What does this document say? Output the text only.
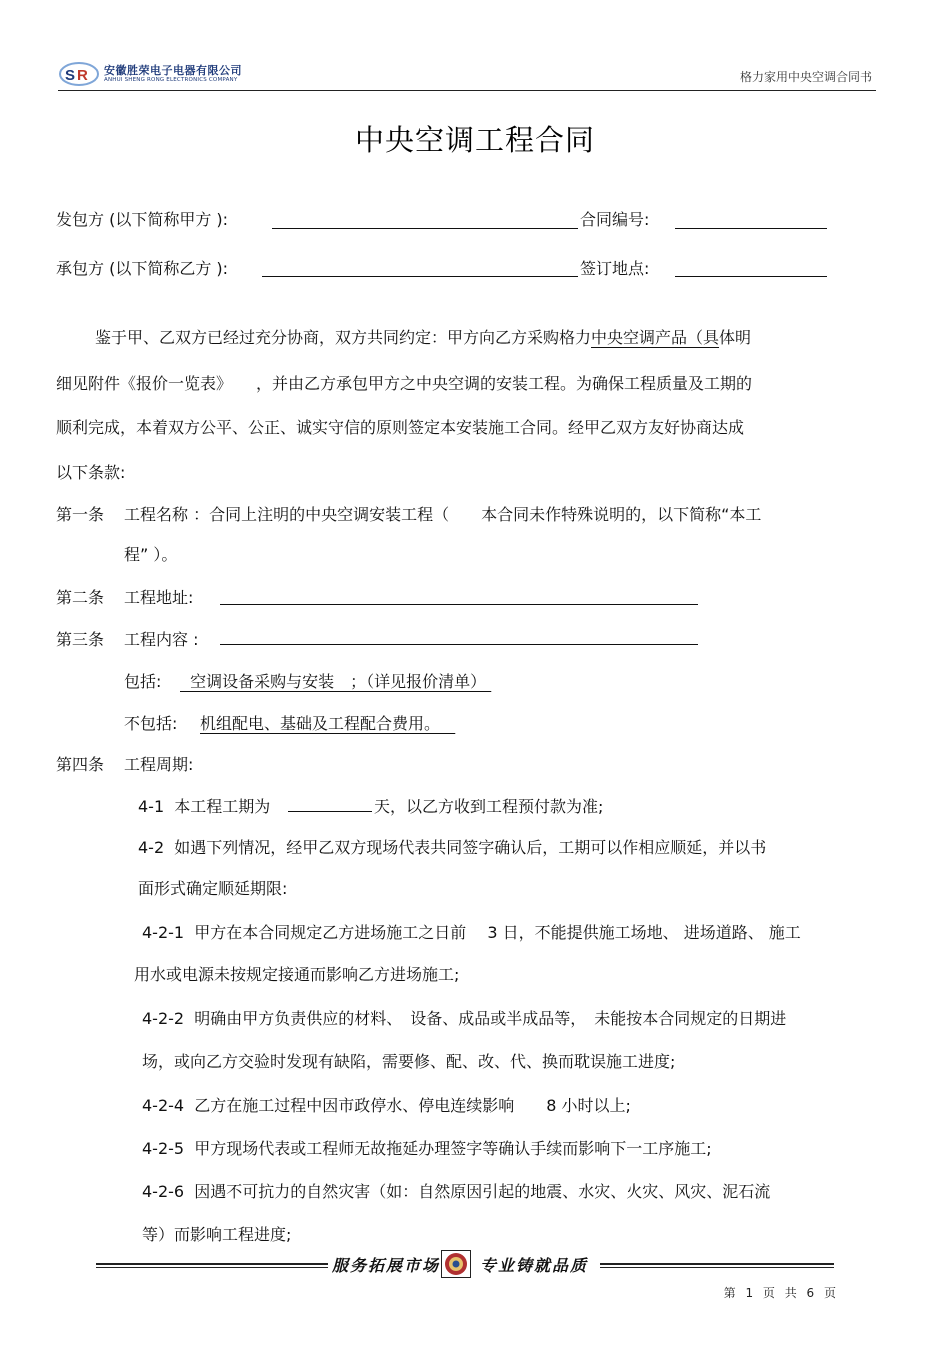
S R 安徽胜荣电子电器有限公司
ANHUI SHENG RONG ELECTRONICS COMPANY	格力家用中央空调合同书
中央空调工程合同
发包方 (以下简称甲方 ):	合同编号:
承包方 (以下简称乙方 ):	签订地点:
鉴于甲、乙双方已经过充分协商，双方共同约定：甲方向乙方采购格力中央空调产品（具体明
细见附件《报价一览表》　　，并由乙方承包甲方之中央空调的安装工程。为确保工程质量及工期的
顺利完成，本着双方公平、公正、诚实守信的原则签定本安装施工合同。经甲乙双方友好协商达成
以下条款:
第一条 工程名称 ：合同上注明的中央空调安装工程（　　本合同未作特殊说明的，以下简称“本工
程” ）。
第二条 工程地址:
第三条 工程内容 :
包括: 空调设备采购与安装　；（详见报价清单）
不包括: 机组配电、基础及工程配合费用。
第四条 工程周期:
4-1  本工程工期为	天，以乙方收到工程预付款为准;
4-2  如遇下列情况，经甲乙双方现场代表共同签字确认后，工期可以作相应顺延，并以书
面形式确定顺延期限:
4-2-1  甲方在本合同规定乙方进场施工之日前　 3 日，不能提供施工场地、 进场道路、 施工
用水或电源未按规定接通而影响乙方进场施工;
4-2-2  明确由甲方负责供应的材料、　设备、成品或半成品等，　未能按本合同规定的日期进
场，或向乙方交验时发现有缺陷，需要修、配、改、代、换而耽误施工进度;
4-2-4  乙方在施工过程中因市政停水、停电连续影响　　8 小时以上;
4-2-5  甲方现场代表或工程师无故拖延办理签字等确认手续而影响下一工序施工;
4-2-6  因遇不可抗力的自然灾害（如：自然原因引起的地震、水灾、火灾、风灾、泥石流
等）而影响工程进度;
服务拓展市场 专业铸就品质
第 1 页 共 6 页
